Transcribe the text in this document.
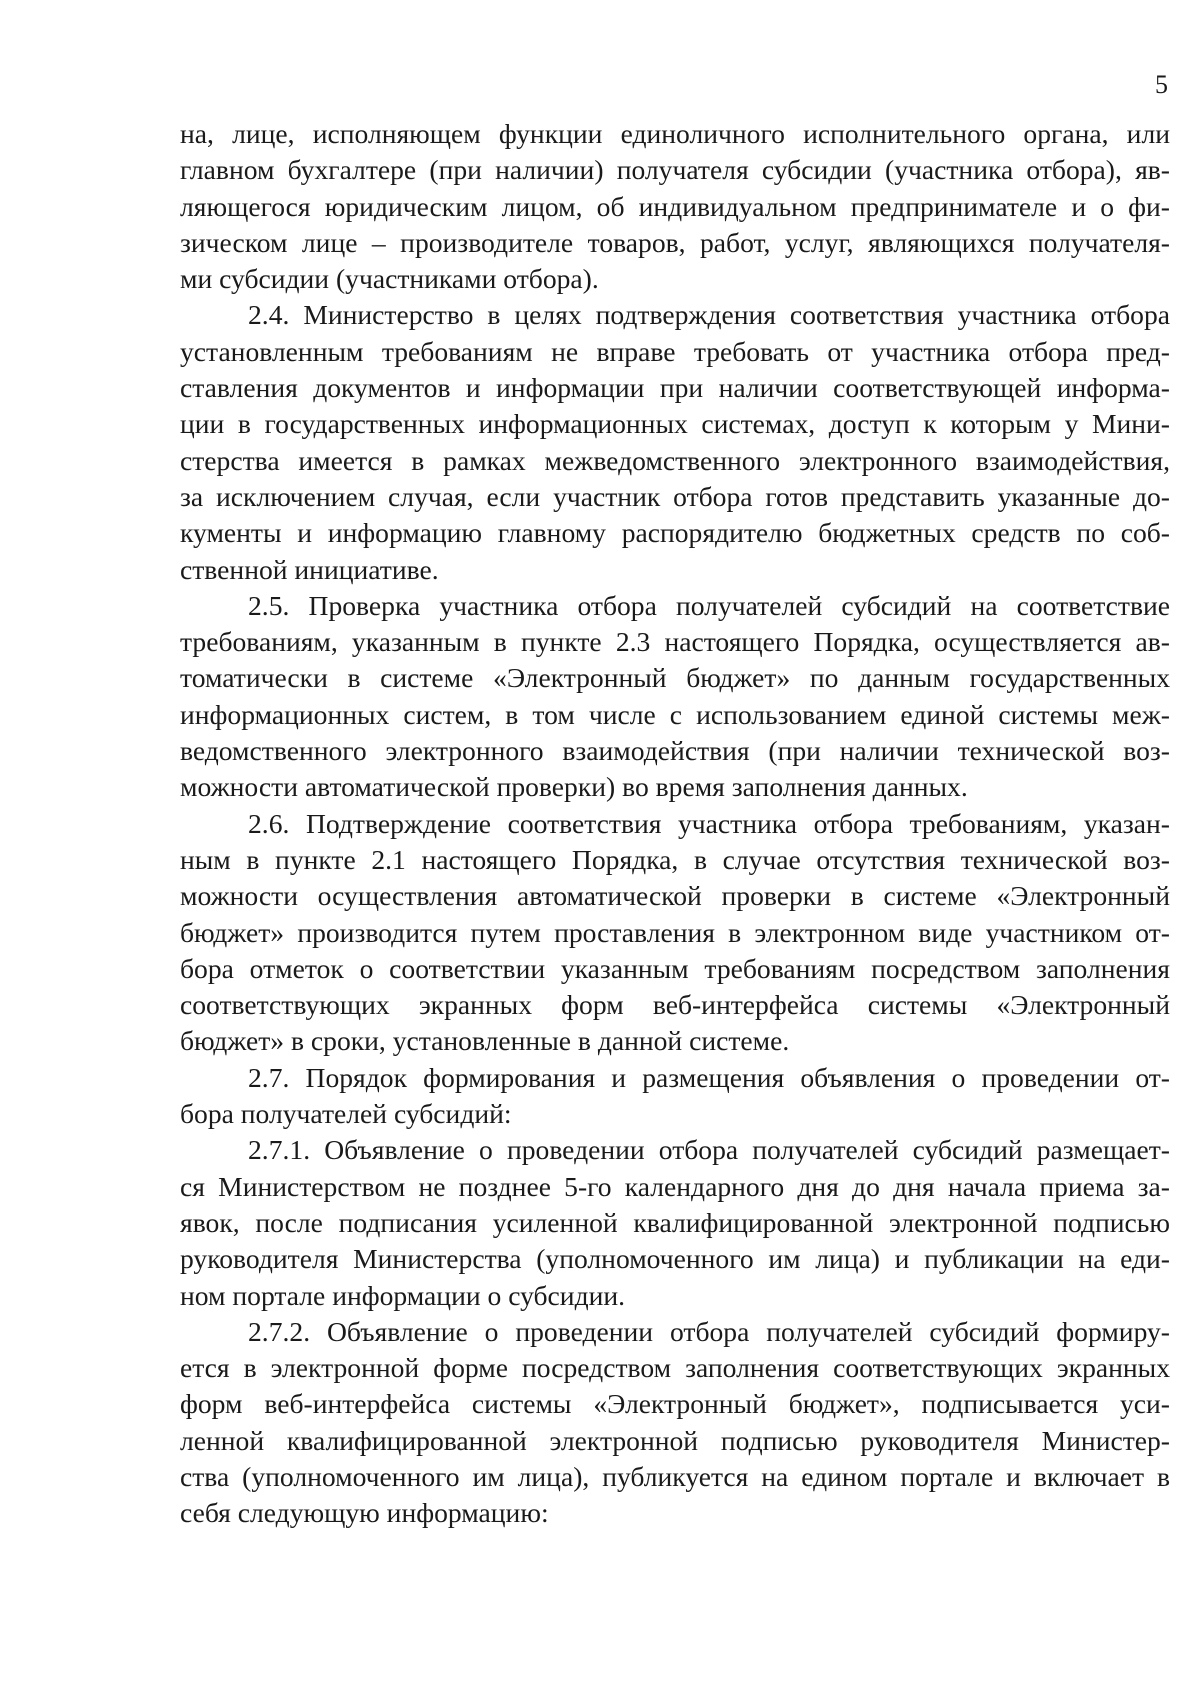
5
на, лице, исполняющем функции единоличного исполнительного органа, или
главном бухгалтере (при наличии) получателя субсидии (участника отбора), яв-
ляющегося юридическим лицом, об индивидуальном предпринимателе и о фи-
зическом лице – производителе товаров, работ, услуг, являющихся получателя-
ми субсидии (участниками отбора).
2.4. Министерство в целях подтверждения соответствия участника отбора
установленным требованиям не вправе требовать от участника отбора пред-
ставления документов и информации при наличии соответствующей информа-
ции в государственных информационных системах, доступ к которым у Мини-
стерства имеется в рамках межведомственного электронного взаимодействия,
за исключением случая, если участник отбора готов представить указанные до-
кументы и информацию главному распорядителю бюджетных средств по соб-
ственной инициативе.
2.5. Проверка участника отбора получателей субсидий на соответствие
требованиям, указанным в пункте 2.3 настоящего Порядка, осуществляется ав-
томатически в системе «Электронный бюджет» по данным государственных
информационных систем, в том числе с использованием единой системы меж-
ведомственного электронного взаимодействия (при наличии технической воз-
можности автоматической проверки) во время заполнения данных.
2.6. Подтверждение соответствия участника отбора требованиям, указан-
ным в пункте 2.1 настоящего Порядка, в случае отсутствия технической воз-
можности осуществления автоматической проверки в системе «Электронный
бюджет» производится путем проставления в электронном виде участником от-
бора отметок о соответствии указанным требованиям посредством заполнения
соответствующих экранных форм веб-интерфейса системы «Электронный
бюджет» в сроки, установленные в данной системе.
2.7. Порядок формирования и размещения объявления о проведении от-
бора получателей субсидий:
2.7.1. Объявление о проведении отбора получателей субсидий размещает-
ся Министерством не позднее 5-го календарного дня до дня начала приема за-
явок, после подписания усиленной квалифицированной электронной подписью
руководителя Министерства (уполномоченного им лица) и публикации на еди-
ном портале информации о субсидии.
2.7.2. Объявление о проведении отбора получателей субсидий формиру-
ется в электронной форме посредством заполнения соответствующих экранных
форм веб-интерфейса системы «Электронный бюджет», подписывается уси-
ленной квалифицированной электронной подписью руководителя Министер-
ства (уполномоченного им лица), публикуется на едином портале и включает в
себя следующую информацию:
